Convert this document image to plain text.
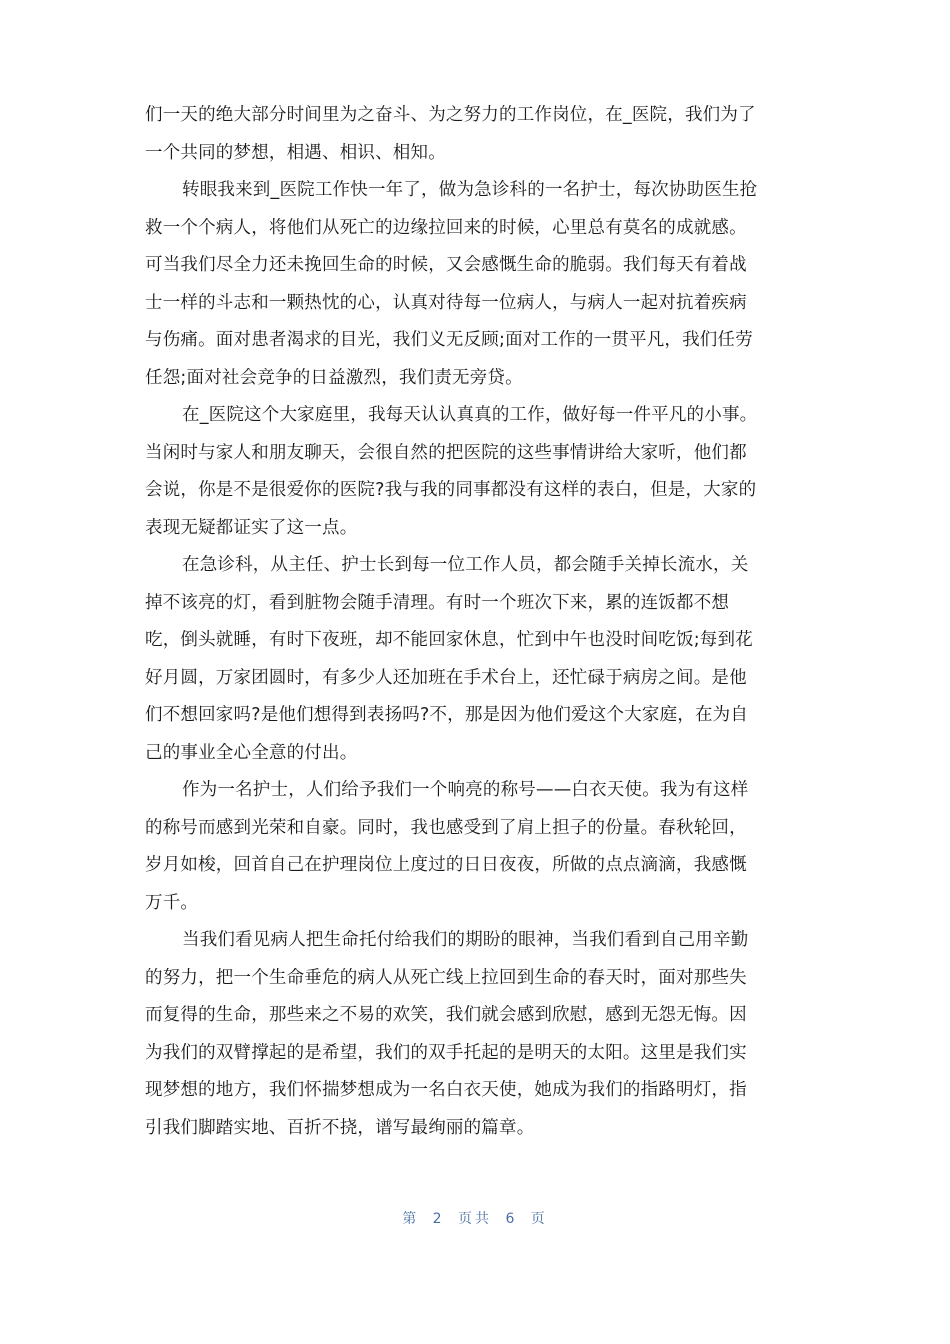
们一天的绝大部分时间里为之奋斗、为之努力的工作岗位，在_医院，我们为了
一个共同的梦想，相遇、相识、相知。
转眼我来到_医院工作快一年了，做为急诊科的一名护士，每次协助医生抢
救一个个病人，将他们从死亡的边缘拉回来的时候，心里总有莫名的成就感。
可当我们尽全力还未挽回生命的时候，又会感慨生命的脆弱。我们每天有着战
士一样的斗志和一颗热忱的心，认真对待每一位病人，与病人一起对抗着疾病
与伤痛。面对患者渴求的目光，我们义无反顾;面对工作的一贯平凡，我们任劳
任怨;面对社会竞争的日益激烈，我们责无旁贷。
在_医院这个大家庭里，我每天认认真真的工作，做好每一件平凡的小事。
当闲时与家人和朋友聊天，会很自然的把医院的这些事情讲给大家听，他们都
会说，你是不是很爱你的医院?我与我的同事都没有这样的表白，但是，大家的
表现无疑都证实了这一点。
在急诊科，从主任、护士长到每一位工作人员，都会随手关掉长流水，关
掉不该亮的灯，看到脏物会随手清理。有时一个班次下来，累的连饭都不想
吃，倒头就睡，有时下夜班，却不能回家休息，忙到中午也没时间吃饭;每到花
好月圆，万家团圆时，有多少人还加班在手术台上，还忙碌于病房之间。是他
们不想回家吗?是他们想得到表扬吗?不，那是因为他们爱这个大家庭，在为自
己的事业全心全意的付出。
作为一名护士，人们给予我们一个响亮的称号——白衣天使。我为有这样
的称号而感到光荣和自豪。同时，我也感受到了肩上担子的份量。春秋轮回，
岁月如梭，回首自己在护理岗位上度过的日日夜夜，所做的点点滴滴，我感慨
万千。
当我们看见病人把生命托付给我们的期盼的眼神，当我们看到自己用辛勤
的努力，把一个生命垂危的病人从死亡线上拉回到生命的春天时，面对那些失
而复得的生命，那些来之不易的欢笑，我们就会感到欣慰，感到无怨无悔。因
为我们的双臂撑起的是希望，我们的双手托起的是明天的太阳。这里是我们实
现梦想的地方，我们怀揣梦想成为一名白衣天使，她成为我们的指路明灯，指
引我们脚踏实地、百折不挠，谱写最绚丽的篇章。
第 2 页共 6 页
